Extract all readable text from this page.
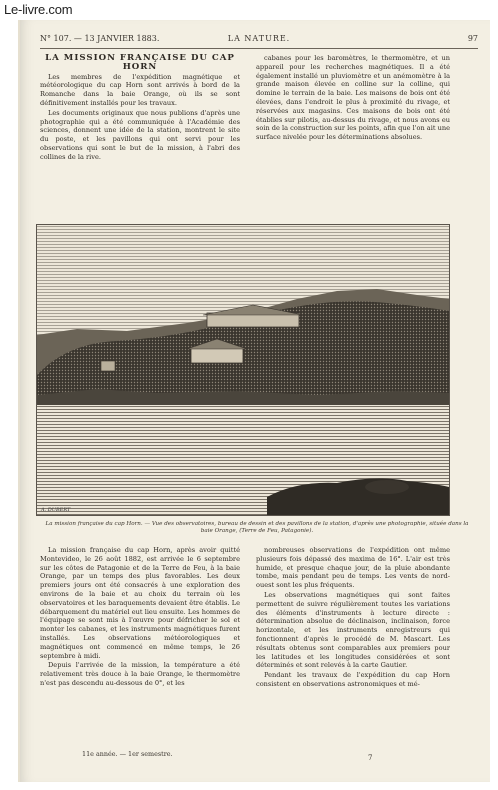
Le-livre.com
N° 107. — 13 JANVIER 1883.	LA NATURE.	97

LA MISSION FRANÇAISE DU CAP HORN

Les membres de l'expédition magnétique et météorologique du cap Horn sont arrivés à bord de la Romanche dans la baie Orange, où ils se sont définitivement installés pour les travaux.

Les documents originaux que nous publions d'après une photographie qui a été communiquée à l'Académie des sciences, donnent une idée de la station, montrent le site du poste, et les pavillons qui ont servi pour les observations qui sont le but de la mission, à l'abri des collines de la rive.

cabanes pour les baromètres, le thermomètre, et un appareil pour les recherches magnétiques. Il a été également installé un pluviomètre et un anémomètre à la grande maison élevée en colline sur la colline, qui domine le terrain de la baie. Les maisons de bois ont été élevées, dans l'endroit le plus à proximité du rivage, et réservées aux magasins. Ces maisons de bois ont été établies sur pilotis, au-dessus du rivage, et nous avons eu soin de la construction sur les points, afin que l'on ait une surface nivelée pour les déterminations absolues.

A. DUBERT
La mission française du cap Horn. — Vue des observatoires, bureau de dessin et des pavillons de la station, d'après une photographie, située dans la baie Orange, (Terre de Feu, Patagonie).

La mission française du cap Horn, après avoir quitté Montevideo, le 26 août 1882, est arrivée le 6 septembre sur les côtes de Patagonie et de la Terre de Feu, à la baie Orange, par un temps des plus favorables. Les deux premiers jours ont été consacrés à une exploration des environs de la baie et au choix du terrain où les observatoires et les baraquements devaient être établis. Le débarquement du matériel eut lieu ensuite. Les hommes de l'équipage se sont mis à l'œuvre pour défricher le sol et monter les cabanes, et les instruments magnétiques furent installés. Les observations météorologiques et magnétiques ont commencé en même temps, le 26 septembre à midi.

Depuis l'arrivée de la mission, la température a été relativement très douce à la baie Orange, le thermomètre n'est pas descendu au-dessous de 0°, et les

nombreuses observations de l'expédition ont même plusieurs fois dépassé des maxima de 16°. L'air est très humide, et presque chaque jour, de la pluie abondante tombe, mais pendant peu de temps. Les vents de nord-ouest sont les plus fréquents.

Les observations magnétiques qui sont faites permettent de suivre régulièrement toutes les variations des éléments d'instruments à lecture directe : détermination absolue de déclinaison, inclinaison, force horizontale, et les instruments enregistreurs qui fonctionnent d'après le procédé de M. Mascart. Les résultats obtenus sont comparables aux premiers pour les latitudes et les longitudes considérées et sont déterminés et sont relevés à la carte Gautier.

Pendant les travaux de l'expédition du cap Horn consistent en observations astronomiques et mé-

11e année. — 1er semestre.	7
